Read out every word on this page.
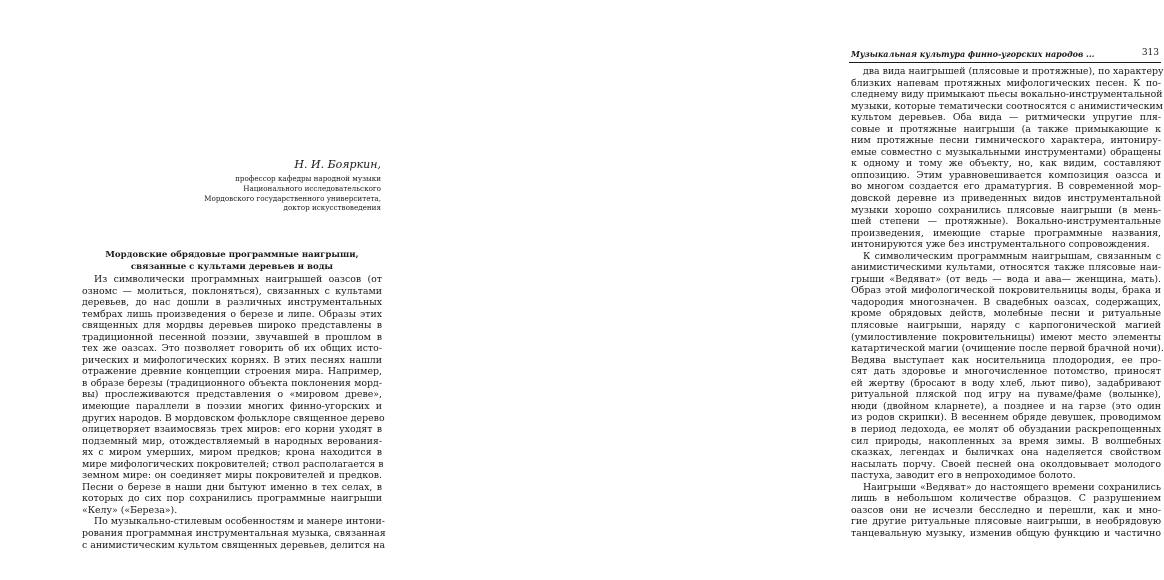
Н. И. Бояркин,
профессор кафедры народной музыки
Национального исследовательского
Мордовского государственного университета,
доктор искусствоведения
Мордовские обрядовые программные наигрыши,
связанные с культами деревьев и воды
Из символически программных наигрышей оазсов (от
озномс — молиться, поклоняться), связанных с культами
деревьев, до нас дошли в различных инструментальных
тембрах лишь произведения о березе и липе. Образы этих
священных для мордвы деревьев широко представлены в
традиционной песенной поэзии, звучавшей в прошлом в
тех же оазсах. Это позволяет говорить об их общих исто-
рических и мифологических корнях. В этих песнях нашли
отражение древние концепции строения мира. Например,
в образе березы (традиционного объекта поклонения морд-
вы) прослеживаются представления о «мировом древе»,
имеющие параллели в поэзии многих финно-угорских и
других народов. В мордовском фольклоре священное дерево
олицетворяет взаимосвязь трех миров: его корни уходят в
подземный мир, отождествляемый в народных верования-
ях с миром умерших, миром предков; крона находится в
мире мифологических покровителей; ствол располагается в
земном мире: он соединяет миры покровителей и предков.
Песни о березе в наши дни бытуют именно в тех селах, в
которых до сих пор сохранились программные наигрыши
«Келу» («Береза»).
По музыкально-стилевым особенностям и манере интони-
рования программная инструментальная музыка, связанная
с анимистическим культом священных деревьев, делится на
Музыкальная культура финно-угорских народов ...	313
два вида наигрышей (плясовые и протяжные), по характеру
близких напевам протяжных мифологических песен. К по-
следнему виду примыкают пьесы вокально-инструментальной
музыки, которые тематически соотносятся с анимистическим
культом деревьев. Оба вида — ритмически упругие пля-
совые и протяжные наигрыши (а также примыкающие к
ним протяжные песни гимнического характера, интониру-
емые совместно с музыкальными инструментами) обращены
к одному и тому же объекту, но, как видим, составляют
оппозицию. Этим уравновешивается композиция оазсса и
во многом создается его драматургия. В современной мор-
довской деревне из приведенных видов инструментальной
музыки хорошо сохранились плясовые наигрыши (в мень-
шей степени — протяжные). Вокально-инструментальные
произведения, имеющие старые программные названия,
интонируются уже без инструментального сопровождения.
К символическим программным наигрышам, связанным с
анимистическими культами, относятся также плясовые наи-
грыши «Ведяват» (от ведь — вода и ава— женщина, мать).
Образ этой мифологической покровительницы воды, брака и
чадородия многозначен. В свадебных оазсах, содержащих,
кроме обрядовых действ, молебные песни и ритуальные
плясовые наигрыши, наряду с карпогонической магией
(умилостивление покровительницы) имеют место элементы
катартической магии (очищение после первой брачной ночи).
Ведява выступает как носительница плодородия, ее про-
сят дать здоровье и многочисленное потомство, приносят
ей жертву (бросают в воду хлеб, льют пиво), задабривают
ритуальной пляской под игру на пуваме/фаме (волынке),
нюди (двойном кларнете), а позднее и на гарзе (это один
из родов скрипки). В весеннем обряде девушек, проводимом
в период ледохода, ее молят об обуздании раскрепощенных
сил природы, накопленных за время зимы. В волшебных
сказках, легендах и быличках она наделяется свойством
насылать порчу. Своей песней она околдовывает молодого
пастуха, заводит его в непроходимое болото.
Наигрыши «Ведяват» до настоящего времени сохранились
лишь в небольшом количестве образцов. С разрушением
оазсов они не исчезли бесследно и перешли, как и мно-
гие другие ритуальные плясовые наигрыши, в необрядовую
танцевальную музыку, изменив общую функцию и частично
